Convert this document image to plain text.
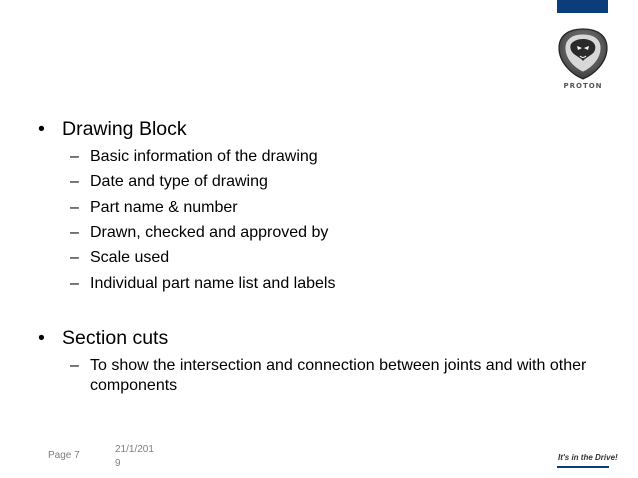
PROTON
• Drawing Block
– Basic information of the drawing
– Date and type of drawing
– Part name & number
– Drawn, checked and approved by
– Scale used
– Individual part name list and labels
• Section cuts
– To show the intersection and connection between joints and with other components
Page 7
21/1/2019
It's in the Drive!
